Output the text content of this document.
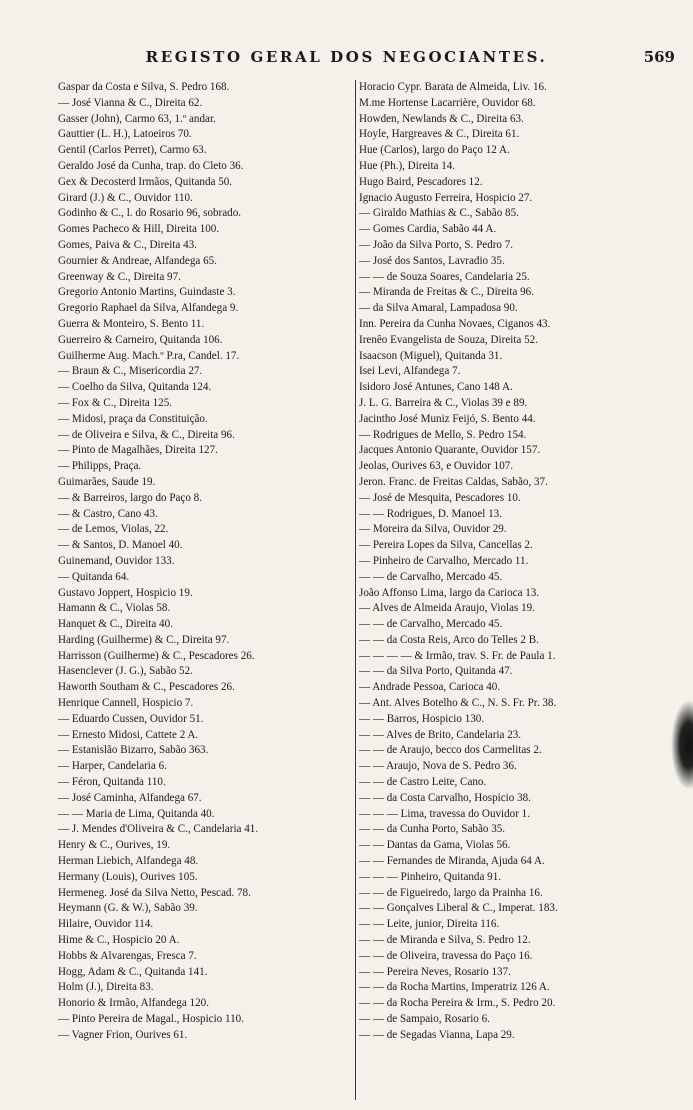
REGISTO GERAL DOS NEGOCIANTES.	569
Gaspar da Costa e Silva, S. Pedro 168.
— José Vianna & C., Direita 62.
Gasser (John), Carmo 63, 1.º andar.
Gauttier (L. H.), Latoeiros 70.
Gentil (Carlos Perret), Carmo 63.
Geraldo José da Cunha, trap. do Cleto 36.
Gex & Decosterd Irmãos, Quitanda 50.
Girard (J.) & C., Ouvidor 110.
Godinho & C., l. do Rosario 96, sobrado.
Gomes Pacheco & Hill, Direita 100.
Gomes, Paiva & C., Direita 43.
Gournier & Andreae, Alfandega 65.
Greenway & C., Direita 97.
Gregorio Antonio Martins, Guindaste 3.
Gregorio Raphael da Silva, Alfandega 9.
Guerra & Monteiro, S. Bento 11.
Guerreiro & Carneiro, Quitanda 106.
Guilherme Aug. Mach.º P.ra, Candel. 17.
— Braun & C., Misericordia 27.
— Coelho da Silva, Quitanda 124.
— Fox & C., Direita 125.
— Midosi, praça da Constituição.
— de Oliveira e Silva, & C., Direita 96.
— Pinto de Magalhães, Direita 127.
— Philipps, Praça.
Guimarães, Saude 19.
— & Barreiros, largo do Paço 8.
— & Castro, Cano 43.
— de Lemos, Violas, 22.
— & Santos, D. Manoel 40.
Guinemand, Ouvidor 133.
— Quitanda 64.
Gustavo Joppert, Hospicio 19.
Hamann & C., Violas 58.
Hanquet & C., Direita 40.
Harding (Guilherme) & C., Direita 97.
Harrisson (Guilherme) & C., Pescadores 26.
Hasenclever (J. G.), Sabão 52.
Haworth Southam & C., Pescadores 26.
Henrique Cannell, Hospicio 7.
— Eduardo Cussen, Ouvidor 51.
— Ernesto Midosi, Cattete 2 A.
— Estanislão Bizarro, Sabão 363.
— Harper, Candelaria 6.
— Féron, Quitanda 110.
— José Caminha, Alfandega 67.
— — Maria de Lima, Quitanda 40.
— J. Mendes d'Oliveira & C., Candelaria 41.
Henry & C., Ourives, 19.
Herman Liebich, Alfandega 48.
Hermany (Louis), Ourives 105.
Hermeneg. José da Silva Netto, Pescad. 78.
Heymann (G. & W.), Sabão 39.
Hilaire, Ouvidor 114.
Hime & C., Hospicio 20 A.
Hobbs & Alvarengas, Fresca 7.
Hogg, Adam & C., Quitanda 141.
Holm (J.), Direita 83.
Honorio & Irmão, Alfandega 120.
— Pinto Pereira de Magal., Hospicio 110.
— Vagner Frion, Ourives 61.
Horacio Cypr. Barata de Almeida, Liv. 16.
M.me Hortense Lacarrière, Ouvidor 68.
Howden, Newlands & C., Direita 63.
Hoyle, Hargreaves & C., Direita 61.
Hue (Carlos), largo do Paço 12 A.
Hue (Ph.), Direita 14.
Hugo Baird, Pescadores 12.
Ignacio Augusto Ferreira, Hospicio 27.
— Giraldo Mathias & C., Sabão 85.
— Gomes Cardia, Sabão 44 A.
— João da Silva Porto, S. Pedro 7.
— José dos Santos, Lavradio 35.
— — de Souza Soares, Candelaria 25.
— Miranda de Freitas & C., Direita 96.
— da Silva Amaral, Lampadosa 90.
Inn. Pereira da Cunha Novaes, Ciganos 43.
Irenêo Evangelista de Souza, Direita 52.
Isaacson (Miguel), Quitanda 31.
Isei Levi, Alfandega 7.
Isidoro José Antunes, Cano 148 A.
J. L. G. Barreira & C., Violas 39 e 89.
Jacintho José Muniz Feijó, S. Bento 44.
— Rodrigues de Mello, S. Pedro 154.
Jacques Antonio Quarante, Ouvidor 157.
Jeolas, Ourives 63, e Ouvidor 107.
Jeron. Franc. de Freitas Caldas, Sabão, 37.
— José de Mesquita, Pescadores 10.
— — Rodrigues, D. Manoel 13.
— Moreira da Silva, Ouvidor 29.
— Pereira Lopes da Silva, Cancellas 2.
— Pinheiro de Carvalho, Mercado 11.
— — de Carvalho, Mercado 45.
João Affonso Lima, largo da Carioca 13.
— Alves de Almeida Araujo, Violas 19.
— — de Carvalho, Mercado 45.
— — da Costa Reis, Arco do Telles 2 B.
— — — — & Irmão, trav. S. Fr. de Paula 1.
— — da Silva Porto, Quitanda 47.
— Andrade Pessoa, Carioca 40.
— Ant. Alves Botelho & C., N. S. Fr. Pr. 38.
— — Barros, Hospicio 130.
— — Alves de Brito, Candelaria 23.
— — de Araujo, becco dos Carmelitas 2.
— — Araujo, Nova de S. Pedro 36.
— — de Castro Leite, Cano.
— — da Costa Carvalho, Hospicio 38.
— — — Lima, travessa do Ouvidor 1.
— — da Cunha Porto, Sabão 35.
— — Dantas da Gama, Violas 56.
— — Fernandes de Miranda, Ajuda 64 A.
— — — Pinheiro, Quitanda 91.
— — de Figueiredo, largo da Prainha 16.
— — Gonçalves Liberal & C., Imperat. 183.
— — Leite, junior, Direita 116.
— — de Miranda e Silva, S. Pedro 12.
— — de Oliveira, travessa do Paço 16.
— — Pereira Neves, Rosario 137.
— — da Rocha Martins, Imperatriz 126 A.
— — da Rocha Pereira & Irm., S. Pedro 20.
— — de Sampaio, Rosario 6.
— — de Segadas Vianna, Lapa 29.
